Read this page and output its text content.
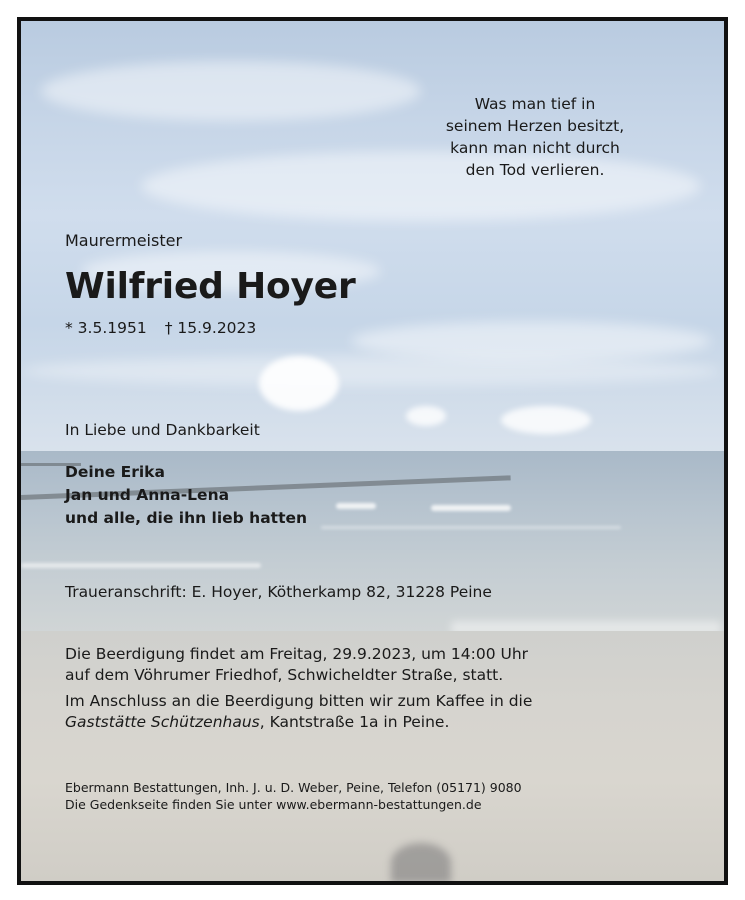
Was man tief in
seinem Herzen besitzt,
kann man nicht durch
den Tod verlieren.
Maurermeister
Wilfried Hoyer
* 3.5.1951 † 15.9.2023
In Liebe und Dankbarkeit
Deine Erika
Jan und Anna-Lena
und alle, die ihn lieb hatten
Traueranschrift: E. Hoyer, Kötherkamp 82, 31228 Peine
Die Beerdigung findet am Freitag, 29.9.2023, um 14:00 Uhr
auf dem Vöhrumer Friedhof, Schwicheldter Straße, statt.
Im Anschluss an die Beerdigung bitten wir zum Kaffee in die
Gaststätte Schützenhaus, Kantstraße 1a in Peine.
Ebermann Bestattungen, Inh. J. u. D. Weber, Peine, Telefon (05171) 9080
Die Gedenkseite finden Sie unter www.ebermann-bestattungen.de
